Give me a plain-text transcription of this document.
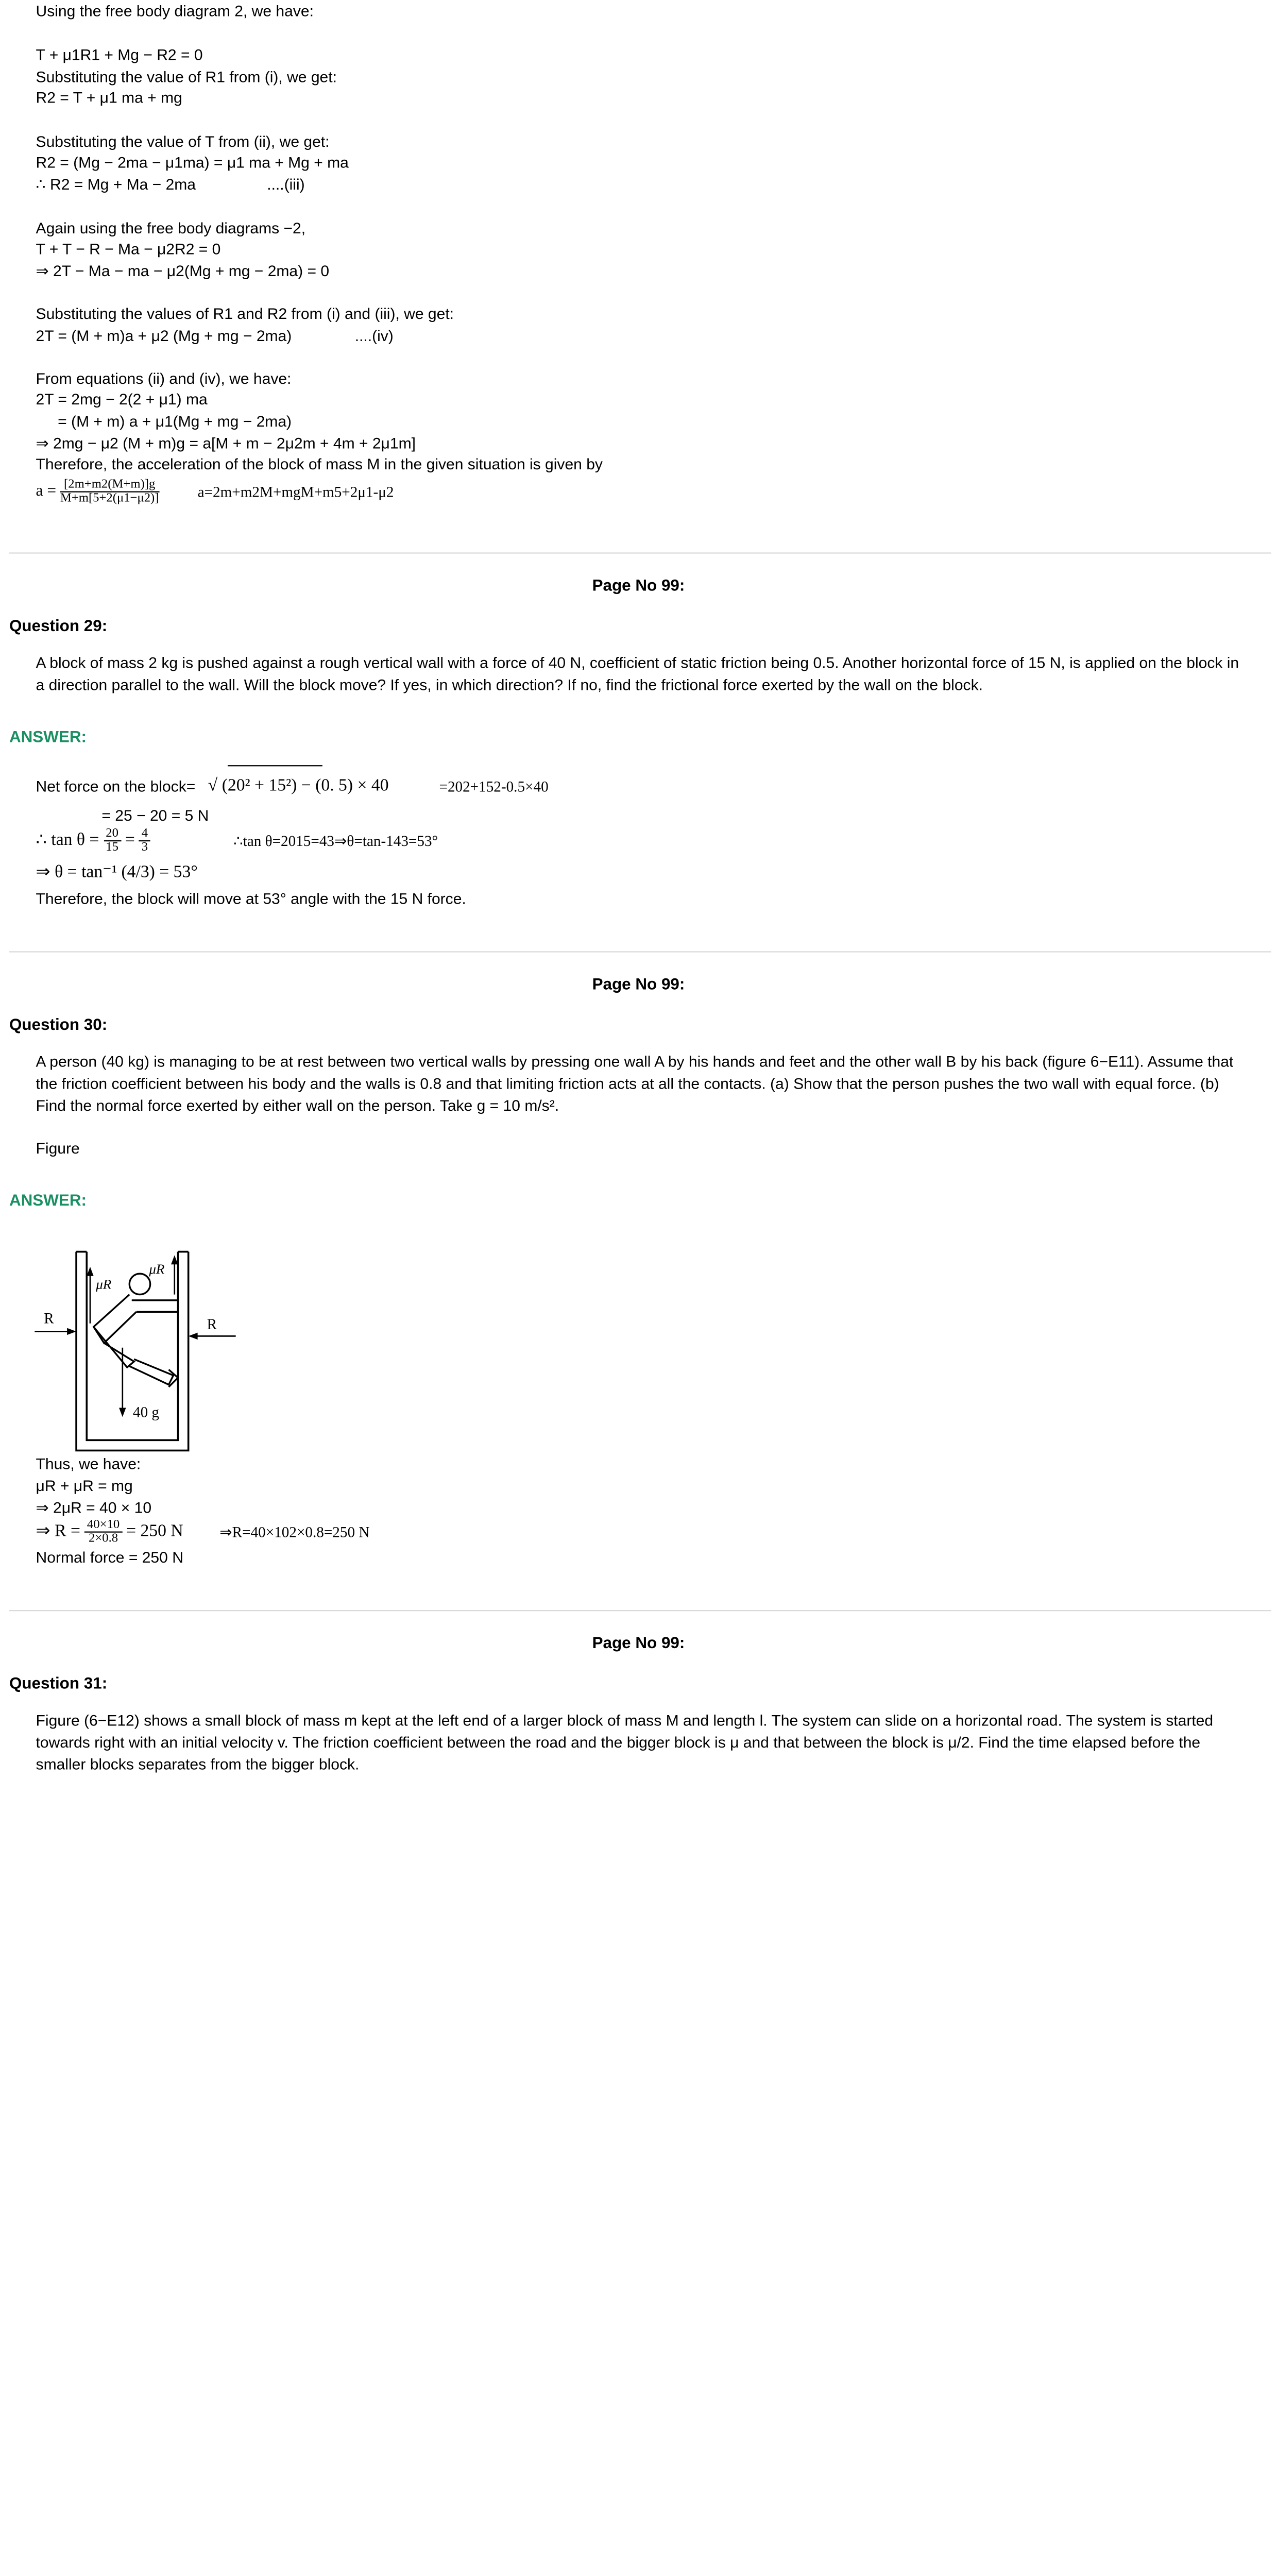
Using the free body diagram 2, we have:
T + μ1R1 + Mg − R2 = 0
Substituting the value of R1 from (i), we get:
R2 = T + μ1 ma + mg
Substituting the value of T from (ii), we get:
R2 = (Mg − 2ma − μ1ma) = μ1 ma + Mg + ma
∴ R2 = Mg + Ma − 2ma	....(iii)
Again using the free body diagrams −2,
T + T − R − Ma − μ2R2 = 0
⇒ 2T − Ma − ma − μ2(Mg + mg − 2ma) = 0
Substituting the values of R1 and R2 from (i) and (iii), we get:
2T = (M + m)a + μ2 (Mg + mg − 2ma)	....(iv)
From equations (ii) and (iv), we have:
2T = 2mg − 2(2 + μ1) ma
= (M + m) a + μ1(Mg + mg − 2ma)
⇒ 2mg − μ2 (M + m)g = a[M + m − 2μ2m + 4m + 2μ1m]
Therefore, the acceleration of the block of mass M in the given situation is given by
$a = \frac{[2m+m2(M+m)]g}{M+m[5+2(\mu 1-\mu 2)]}$	a=2m+m2M+mgM+m5+2μ1-μ2
Page No 99:
Question 29:
A block of mass 2 kg is pushed against a rough vertical wall with a force of 40 N, coefficient of static friction being 0.5. Another horizontal force of 15 N, is applied on the block in a direction parallel to the wall. Will the block move? If yes, in which direction? If no, find the frictional force exerted by the wall on the block.
ANSWER:
Net force on the block= √ (20² + 15²) − (0. 5) × 40	=202+152-0.5×40
= 25 − 20 = 5 N
∴ $\tan \theta = \frac{20}{15} = \frac{4}{3}$	∴tan θ=2015=43⇒θ=tan-143=53°
⇒ θ = tan⁻¹ (4/3) = 53°
Therefore, the block will move at 53° angle with the 15 N force.
Page No 99:
Question 30:
A person (40 kg) is managing to be at rest between two vertical walls by pressing one wall A by his hands and feet and the other wall B by his back (figure 6−E11). Assume that the friction coefficient between his body and the walls is 0.8 and that limiting friction acts at all the contacts. (a) Show that the person pushes the two wall with equal force. (b) Find the normal force exerted by either wall on the person. Take g = 10 m/s².
Figure
ANSWER:
μR
μR
R	R
40 g
Thus, we have:
μR + μR = mg
⇒ 2μR = 40 × 10
⇒ $R = \frac{40\times 10}{2\times 0.8} = 250$ N	⇒R=40×102×0.8=250 N
Normal force = 250 N
Page No 99:
Question 31:
Figure (6−E12) shows a small block of mass m kept at the left end of a larger block of mass M and length l. The system can slide on a horizontal road. The system is started towards right with an initial velocity v. The friction coefficient between the road and the bigger block is μ and that between the block is μ/2. Find the time elapsed before the smaller blocks separates from the bigger block.
